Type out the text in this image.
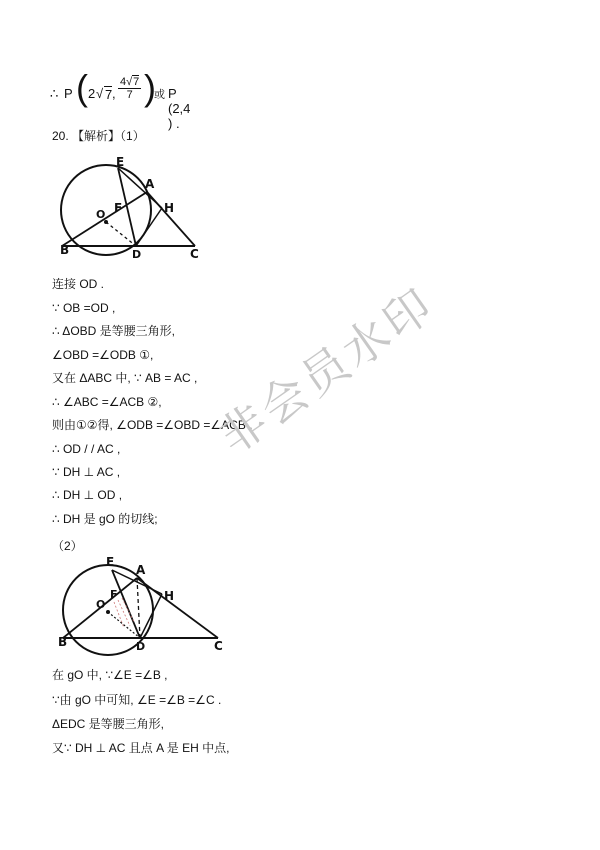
∴ P ( 2 √ 7 , $\frac{4√7}{7}$ )
或 P (2,4 ) .
20. 【解析】（1）
E
A
O F	H
B	D	C
连接 OD .
∵ OB =OD ,
∴ ΔOBD 是等腰三角形,
∠OBD =∠ODB ①,
又在 ΔABC 中, ∵ AB = AC ,
∴ ∠ABC =∠ACB ②,
则由①②得, ∠ODB =∠OBD =∠ACB ,
∴ OD / / AC ,
∵ DH ⊥ AC ,
∴ DH ⊥ OD ,
∴ DH 是 gO 的切线;
（2）
E
A
O
F	H
B	D	C
在 gO 中, ∵∠E =∠B ,
∵由 gO 中可知, ∠E =∠B =∠C .
ΔEDC 是等腰三角形,
又∵ DH ⊥ AC 且点 A 是 EH 中点,
非会员水印
